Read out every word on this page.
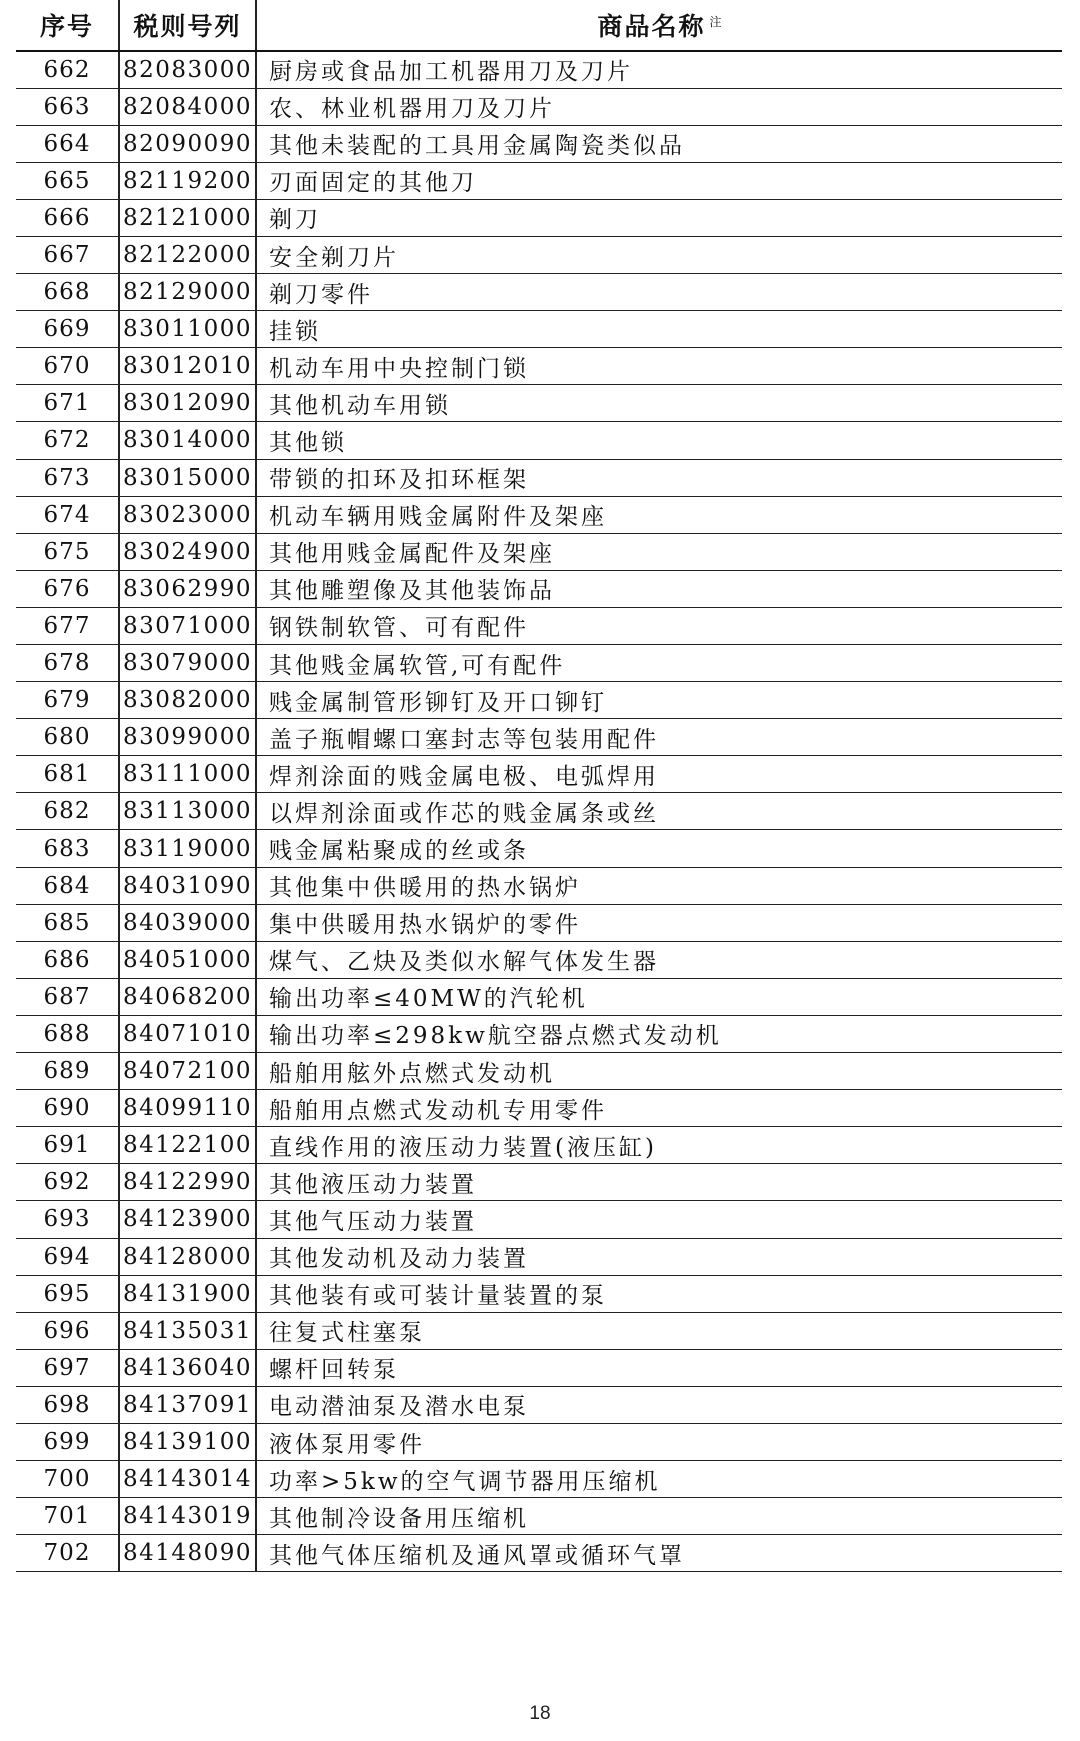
序号	税则号列	商品名称 $^注$
662	82083000	厨房或食品加工机器用刀及刀片
663	82084000	农、林业机器用刀及刀片
664	82090090	其他未装配的工具用金属陶瓷类似品
665	82119200	刃面固定的其他刀
666	82121000	剃刀
667	82122000	安全剃刀片
668	82129000	剃刀零件
669	83011000	挂锁
670	83012010	机动车用中央控制门锁
671	83012090	其他机动车用锁
672	83014000	其他锁
673	83015000	带锁的扣环及扣环框架
674	83023000	机动车辆用贱金属附件及架座
675	83024900	其他用贱金属配件及架座
676	83062990	其他雕塑像及其他装饰品
677	83071000	钢铁制软管、可有配件
678	83079000	其他贱金属软管,可有配件
679	83082000	贱金属制管形铆钉及开口铆钉
680	83099000	盖子瓶帽螺口塞封志等包装用配件
681	83111000	焊剂涂面的贱金属电极、电弧焊用
682	83113000	以焊剂涂面或作芯的贱金属条或丝
683	83119000	贱金属粘聚成的丝或条
684	84031090	其他集中供暖用的热水锅炉
685	84039000	集中供暖用热水锅炉的零件
686	84051000	煤气、乙炔及类似水解气体发生器
687	84068200	输出功率≤40MW的汽轮机
688	84071010	输出功率≤298kw航空器点燃式发动机
689	84072100	船舶用舷外点燃式发动机
690	84099110	船舶用点燃式发动机专用零件
691	84122100	直线作用的液压动力装置(液压缸)
692	84122990	其他液压动力装置
693	84123900	其他气压动力装置
694	84128000	其他发动机及动力装置
695	84131900	其他装有或可装计量装置的泵
696	84135031	往复式柱塞泵
697	84136040	螺杆回转泵
698	84137091	电动潜油泵及潜水电泵
699	84139100	液体泵用零件
700	84143014	功率>5kw的空气调节器用压缩机
701	84143019	其他制冷设备用压缩机
702	84148090	其他气体压缩机及通风罩或循环气罩
18
